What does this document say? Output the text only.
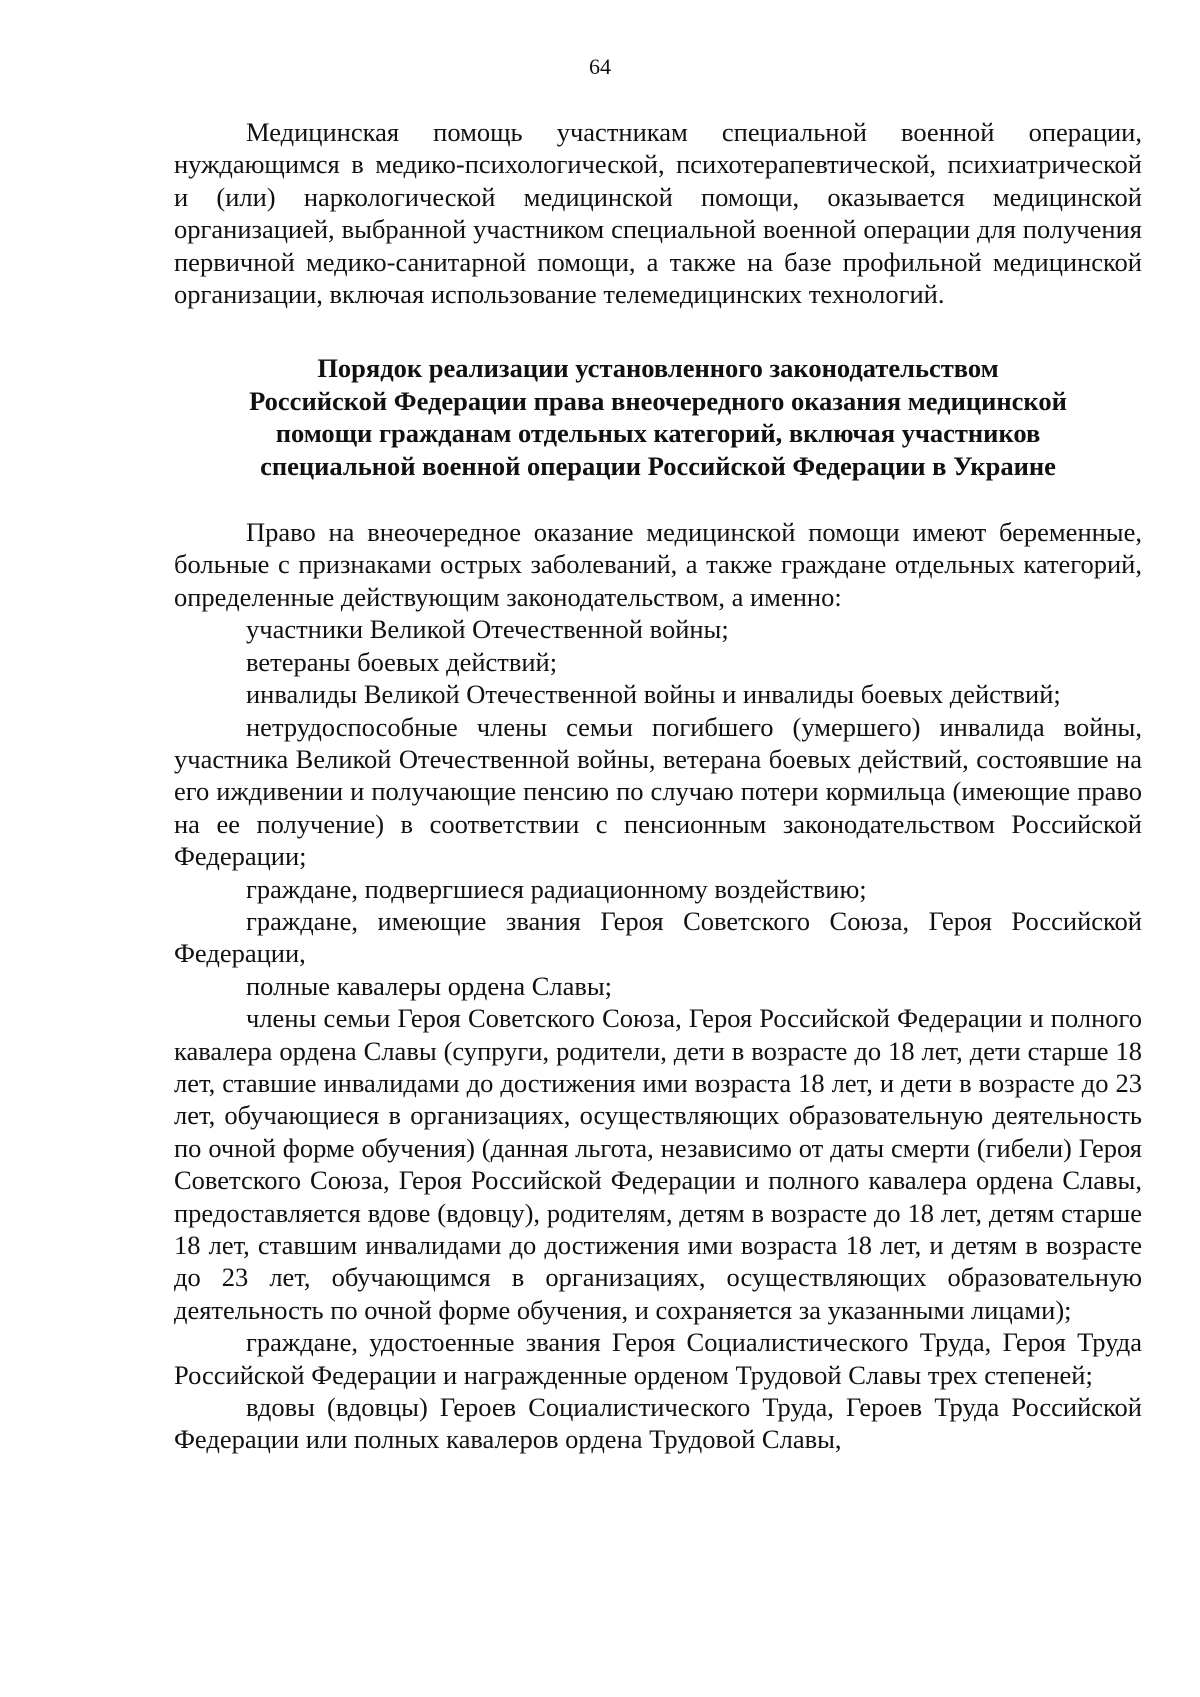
64

Медицинская помощь участникам специальной военной операции, нуждающимся в медико-психологической, психотерапевтической, психиатрической и (или) наркологической медицинской помощи, оказывается медицинской организацией, выбранной участником специальной военной операции для получения первичной медико-санитарной помощи, а также на базе профильной медицинской организации, включая использование телемедицинских технологий.

Порядок реализации установленного законодательством
Российской Федерации права внеочередного оказания медицинской
помощи гражданам отдельных категорий, включая участников
специальной военной операции Российской Федерации в Украине

Право на внеочередное оказание медицинской помощи имеют беременные, больные с признаками острых заболеваний, а также граждане отдельных категорий, определенные действующим законодательством, а именно:

участники Великой Отечественной войны;

ветераны боевых действий;

инвалиды Великой Отечественной войны и инвалиды боевых действий;

нетрудоспособные члены семьи погибшего (умершего) инвалида войны, участника Великой Отечественной войны, ветерана боевых действий, состоявшие на его иждивении и получающие пенсию по случаю потери кормильца (имеющие право на ее получение) в соответствии с пенсионным законодательством Российской Федерации;

граждане, подвергшиеся радиационному воздействию;

граждане, имеющие звания Героя Советского Союза, Героя Российской Федерации,

полные кавалеры ордена Славы;

члены семьи Героя Советского Союза, Героя Российской Федерации и полного кавалера ордена Славы (супруги, родители, дети в возрасте до 18 лет, дети старше 18 лет, ставшие инвалидами до достижения ими возраста 18 лет, и дети в возрасте до 23 лет, обучающиеся в организациях, осуществляющих образовательную деятельность по очной форме обучения) (данная льгота, независимо от даты смерти (гибели) Героя Советского Союза, Героя Российской Федерации и полного кавалера ордена Славы, предоставляется вдове (вдовцу), родителям, детям в возрасте до 18 лет, детям старше 18 лет, ставшим инвалидами до достижения ими возраста 18 лет, и детям в возрасте до 23 лет, обучающимся в организациях, осуществляющих образовательную деятельность по очной форме обучения, и сохраняется за указанными лицами);

граждане, удостоенные звания Героя Социалистического Труда, Героя Труда Российской Федерации и награжденные орденом Трудовой Славы трех степеней;

вдовы (вдовцы) Героев Социалистического Труда, Героев Труда Российской Федерации или полных кавалеров ордена Трудовой Славы,
